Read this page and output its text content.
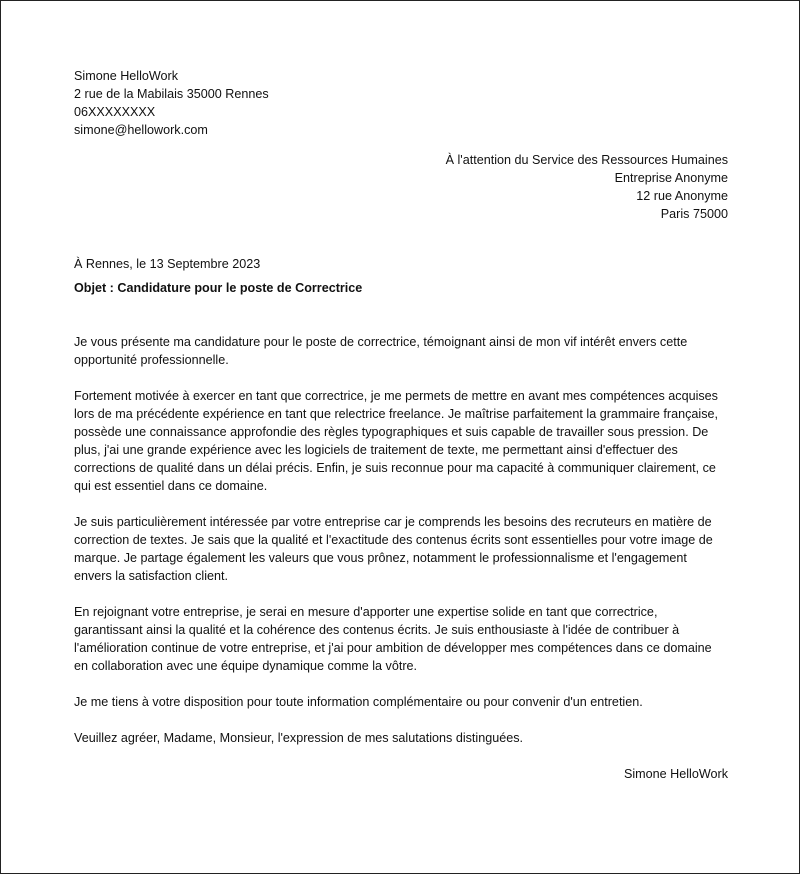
Simone HelloWork
2 rue de la Mabilais 35000 Rennes
06XXXXXXXX
simone@hellowork.com
À l'attention du Service des Ressources Humaines
Entreprise Anonyme
12 rue Anonyme
Paris 75000
À Rennes, le 13 Septembre 2023
Objet : Candidature pour le poste de Correctrice

Je vous présente ma candidature pour le poste de correctrice, témoignant ainsi de mon vif intérêt envers cette opportunité professionnelle.

Fortement motivée à exercer en tant que correctrice, je me permets de mettre en avant mes compétences acquises lors de ma précédente expérience en tant que relectrice freelance. Je maîtrise parfaitement la grammaire française, possède une connaissance approfondie des règles typographiques et suis capable de travailler sous pression. De plus, j'ai une grande expérience avec les logiciels de traitement de texte, me permettant ainsi d'effectuer des corrections de qualité dans un délai précis. Enfin, je suis reconnue pour ma capacité à communiquer clairement, ce qui est essentiel dans ce domaine.

Je suis particulièrement intéressée par votre entreprise car je comprends les besoins des recruteurs en matière de correction de textes. Je sais que la qualité et l'exactitude des contenus écrits sont essentielles pour votre image de marque. Je partage également les valeurs que vous prônez, notamment le professionnalisme et l'engagement envers la satisfaction client.

En rejoignant votre entreprise, je serai en mesure d'apporter une expertise solide en tant que correctrice, garantissant ainsi la qualité et la cohérence des contenus écrits. Je suis enthousiaste à l'idée de contribuer à l'amélioration continue de votre entreprise, et j'ai pour ambition de développer mes compétences dans ce domaine en collaboration avec une équipe dynamique comme la vôtre.

Je me tiens à votre disposition pour toute information complémentaire ou pour convenir d'un entretien.

Veuillez agréer, Madame, Monsieur, l'expression de mes salutations distinguées.

Simone HelloWork
